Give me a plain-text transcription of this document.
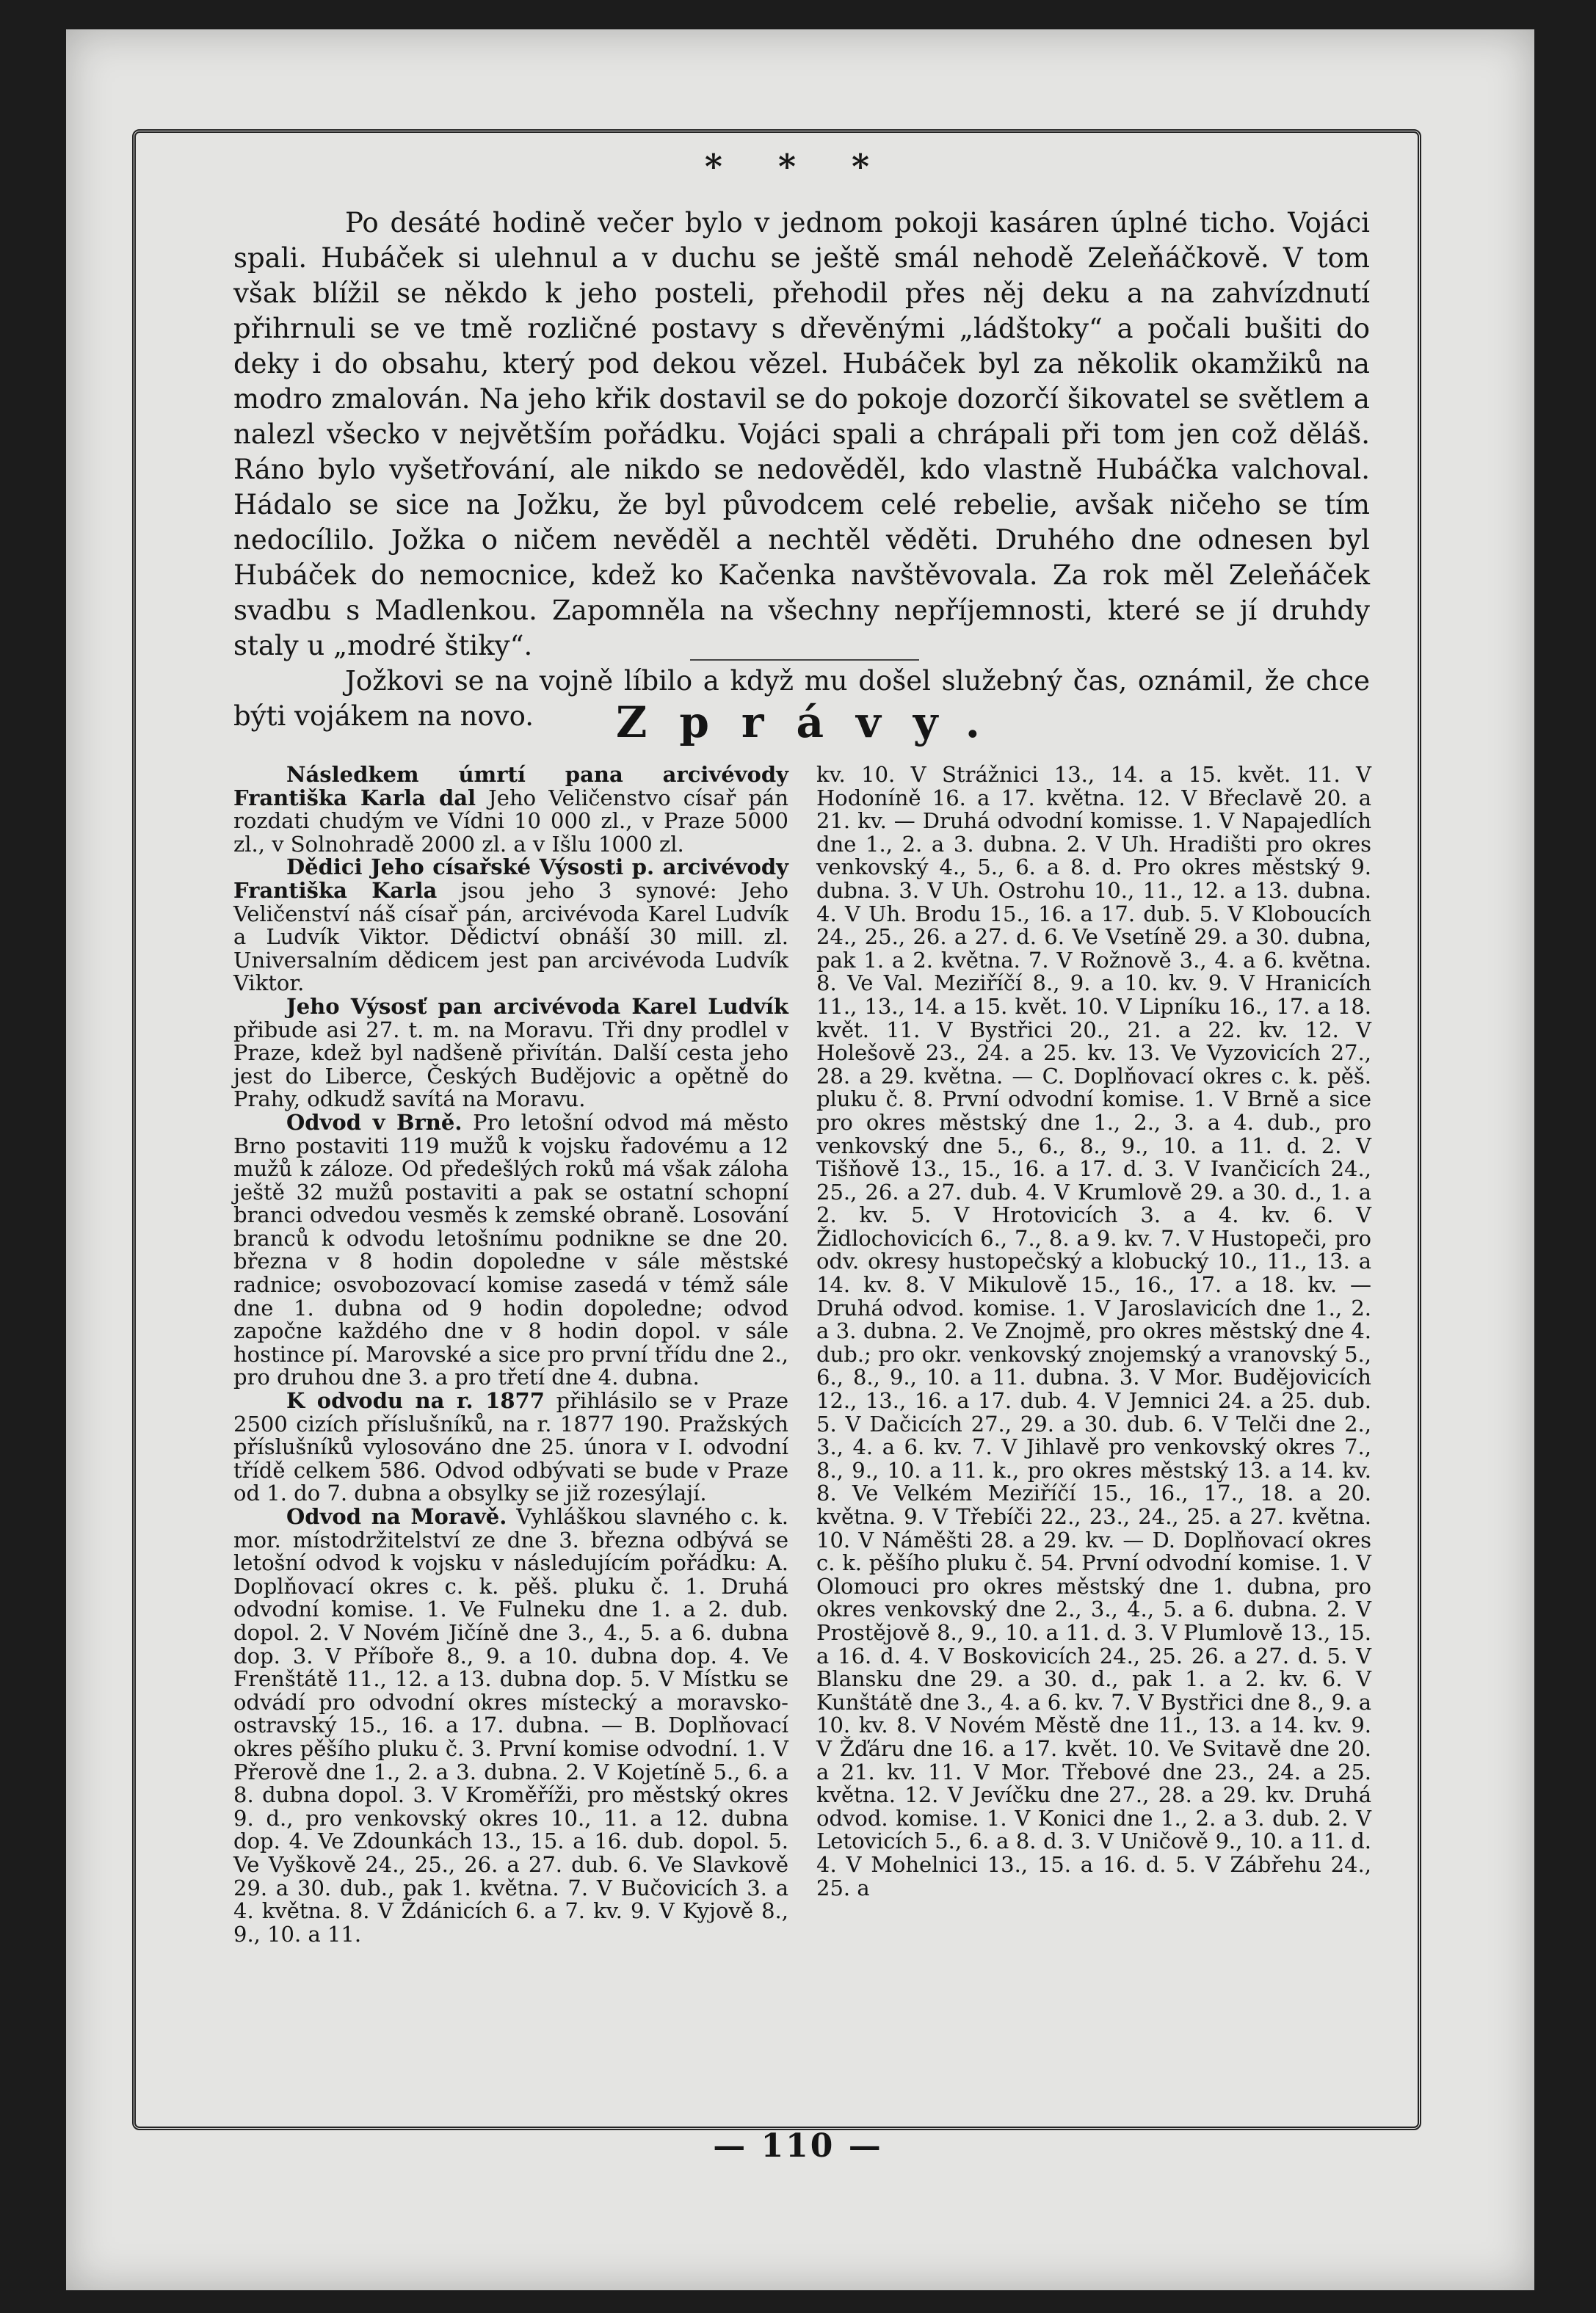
* * *

Po desáté hodině večer bylo v jednom pokoji kasáren úplné ticho. Vojáci spali. Hubáček si ulehnul a v duchu se ještě smál nehodě Zeleňáčkově. V tom však blížil se někdo k jeho posteli, přehodil přes něj deku a na zahvízdnutí přihrnuli se ve tmě rozličné postavy s dřevěnými „ládštoky“ a počali bušiti do deky i do obsahu, který pod dekou vězel. Hubáček byl za několik okamžiků na modro zmalován. Na jeho křik dostavil se do pokoje dozorčí šikovatel se světlem a nalezl všecko v největším pořádku. Vojáci spali a chrápali při tom jen což děláš. Ráno bylo vyšetřování, ale nikdo se nedověděl, kdo vlastně Hubáčka valchoval. Hádalo se sice na Jožku, že byl původcem celé rebelie, avšak ničeho se tím nedocílilo. Jožka o ničem nevěděl a nechtěl věděti. Druhého dne odnesen byl Hubáček do nemocnice, kdež ko Kačenka navštěvovala. Za rok měl Zeleňáček svadbu s Madlenkou. Zapomněla na všechny nepříjemnosti, které se jí druhdy staly u „modré štiky“.

Jožkovi se na vojně líbilo a když mu došel služebný čas, oznámil, že chce býti vojákem na novo.	Zprávy.

Následkem úmrtí pana arcivévody Františka Karla dal Jeho Veličenstvo císař pán rozdati chudým ve Vídni 10 000 zl., v Praze 5000 zl., v Solnohradě 2000 zl. a v Išlu 1000 zl.

Dědici Jeho císařské Výsosti p. arcivévody Františka Karla jsou jeho 3 synové: Jeho Veličenství náš císař pán, arcivévoda Karel Ludvík a Ludvík Viktor. Dědictví obnáší 30 mill. zl. Universalním dědicem jest pan arcivévoda Ludvík Viktor.

Jeho Výsosť pan arcivévoda Karel Ludvík přibude asi 27. t. m. na Moravu. Tři dny prodlel v Praze, kdež byl nadšeně přivítán. Další cesta jeho jest do Liberce, Českých Budějovic a opětně do Prahy, odkudž savítá na Moravu.

Odvod v Brně. Pro letošní odvod má město Brno postaviti 119 mužů k vojsku řadovému a 12 mužů k záloze. Od předešlých roků má však záloha ještě 32 mužů postaviti a pak se ostatní schopní branci odvedou vesměs k zemské obraně. Losování branců k odvodu letošnímu podnikne se dne 20. března v 8 hodin dopoledne v sále městské radnice; osvobozovací komise zasedá v témž sále dne 1. dubna od 9 hodin dopoledne; odvod započne každého dne v 8 hodin dopol. v sále hostince pí. Marovské a sice pro první třídu dne 2., pro druhou dne 3. a pro třetí dne 4. dubna.

K odvodu na r. 1877 přihlásilo se v Praze 2500 cizích příslušníků, na r. 1877 190. Pražských příslušníků vylosováno dne 25. února v I. odvodní třídě celkem 586. Odvod odbývati se bude v Praze od 1. do 7. dubna a obsylky se již rozesýlají.

Odvod na Moravě. Vyhláškou slavného c. k. mor. místodržitelství ze dne 3. března odbývá se letošní odvod k vojsku v následujícím pořádku: A. Doplňovací okres c. k. pěš. pluku č. 1. Druhá odvodní komise. 1. Ve Fulneku dne 1. a 2. dub. dopol. 2. V Novém Jičíně dne 3., 4., 5. a 6. dubna dop. 3. V Příboře 8., 9. a 10. dubna dop. 4. Ve Frenštátě 11., 12. a 13. dubna dop. 5. V Místku se odvádí pro odvodní okres místecký a moravsko-ostravský 15., 16. a 17. dubna. — B. Doplňovací okres pěšího pluku č. 3. První komise odvodní. 1. V Přerově dne 1., 2. a 3. dubna. 2. V Kojetíně 5., 6. a 8. dubna dopol. 3. V Kroměříži, pro městský okres 9. d., pro venkovský okres 10., 11. a 12. dubna dop. 4. Ve Zdounkách 13., 15. a 16. dub. dopol. 5. Ve Vyškově 24., 25., 26. a 27. dub. 6. Ve Slavkově 29. a 30. dub., pak 1. května. 7. V Bučovicích 3. a 4. května. 8. V Ždánicích 6. a 7. kv. 9. V Kyjově 8., 9., 10. a 11.

kv. 10. V Strážnici 13., 14. a 15. květ. 11. V Hodoníně 16. a 17. května. 12. V Břeclavě 20. a 21. kv. — Druhá odvodní komisse. 1. V Napajedlích dne 1., 2. a 3. dubna. 2. V Uh. Hradišti pro okres venkovský 4., 5., 6. a 8. d. Pro okres městský 9. dubna. 3. V Uh. Ostrohu 10., 11., 12. a 13. dubna. 4. V Uh. Brodu 15., 16. a 17. dub. 5. V Kloboucích 24., 25., 26. a 27. d. 6. Ve Vsetíně 29. a 30. dubna, pak 1. a 2. května. 7. V Rožnově 3., 4. a 6. května. 8. Ve Val. Meziříčí 8., 9. a 10. kv. 9. V Hranicích 11., 13., 14. a 15. květ. 10. V Lipníku 16., 17. a 18. květ. 11. V Bystřici 20., 21. a 22. kv. 12. V Holešově 23., 24. a 25. kv. 13. Ve Vyzovicích 27., 28. a 29. května. — C. Doplňovací okres c. k. pěš. pluku č. 8. První odvodní komise. 1. V Brně a sice pro okres městský dne 1., 2., 3. a 4. dub., pro venkovský dne 5., 6., 8., 9., 10. a 11. d. 2. V Tišňově 13., 15., 16. a 17. d. 3. V Ivančicích 24., 25., 26. a 27. dub. 4. V Krumlově 29. a 30. d., 1. a 2. kv. 5. V Hrotovicích 3. a 4. kv. 6. V Židlochovicích 6., 7., 8. a 9. kv. 7. V Hustopeči, pro odv. okresy hustopečský a klobucký 10., 11., 13. a 14. kv. 8. V Mikulově 15., 16., 17. a 18. kv. — Druhá odvod. komise. 1. V Jaroslavicích dne 1., 2. a 3. dubna. 2. Ve Znojmě, pro okres městský dne 4. dub.; pro okr. venkovský znojemský a vranovský 5., 6., 8., 9., 10. a 11. dubna. 3. V Mor. Budějovicích 12., 13., 16. a 17. dub. 4. V Jemnici 24. a 25. dub. 5. V Dačicích 27., 29. a 30. dub. 6. V Telči dne 2., 3., 4. a 6. kv. 7. V Jihlavě pro venkovský okres 7., 8., 9., 10. a 11. k., pro okres městský 13. a 14. kv. 8. Ve Velkém Meziříčí 15., 16., 17., 18. a 20. května. 9. V Třebíči 22., 23., 24., 25. a 27. května. 10. V Náměšti 28. a 29. kv. — D. Doplňovací okres c. k. pěšího pluku č. 54. První odvodní komise. 1. V Olomouci pro okres městský dne 1. dubna, pro okres venkovský dne 2., 3., 4., 5. a 6. dubna. 2. V Prostějově 8., 9., 10. a 11. d. 3. V Plumlově 13., 15. a 16. d. 4. V Boskovicích 24., 25. 26. a 27. d. 5. V Blansku dne 29. a 30. d., pak 1. a 2. kv. 6. V Kunštátě dne 3., 4. a 6. kv. 7. V Bystřici dne 8., 9. a 10. kv. 8. V Novém Městě dne 11., 13. a 14. kv. 9. V Žďáru dne 16. a 17. květ. 10. Ve Svitavě dne 20. a 21. kv. 11. V Mor. Třebové dne 23., 24. a 25. května. 12. V Jevíčku dne 27., 28. a 29. kv. Druhá odvod. komise. 1. V Konici dne 1., 2. a 3. dub. 2. V Letovicích 5., 6. a 8. d. 3. V Uničově 9., 10. a 11. d. 4. V Mohelnici 13., 15. a 16. d. 5. V Zábřehu 24., 25. a

— 110 —
